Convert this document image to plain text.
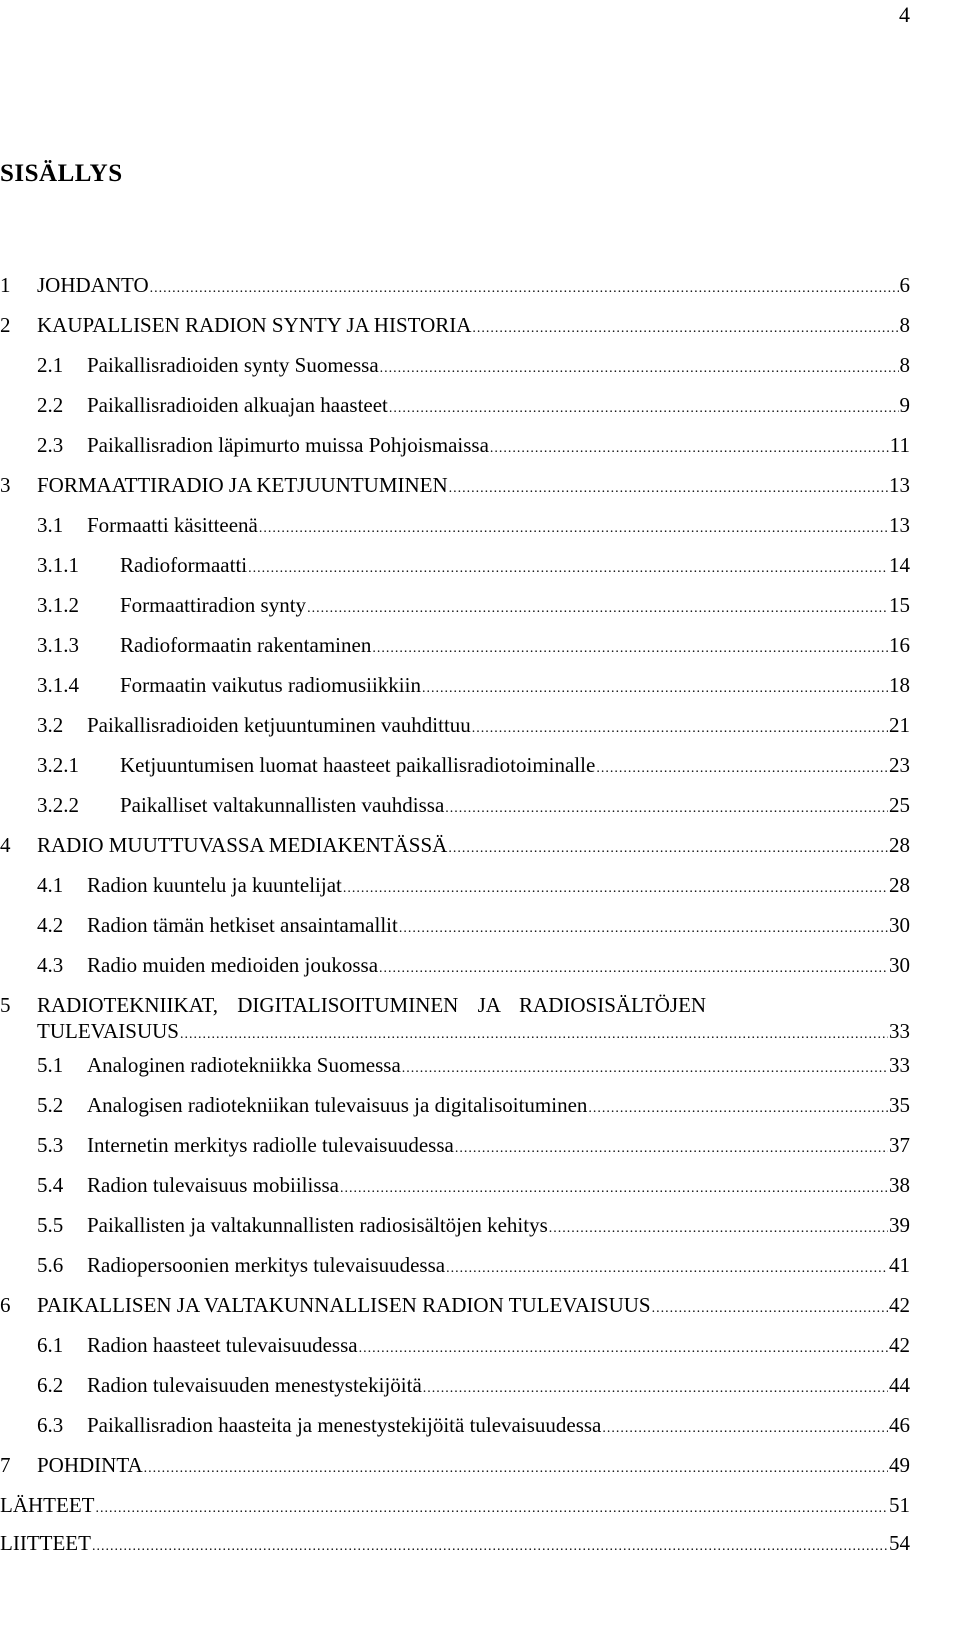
4
SISÄLLYS
1	JOHDANTO .....	6
2	KAUPALLISEN RADION SYNTY JA HISTORIA .....	8
2.1	Paikallisradioiden synty Suomessa .....	8
2.2	Paikallisradioiden alkuajan haasteet .....	9
2.3	Paikallisradion läpimurto muissa Pohjoismaissa .....	11
3	FORMAATTIRADIO JA KETJUUNTUMINEN .....	13
3.1	Formaatti käsitteenä .....	13
3.1.1	Radioformaatti .....	14
3.1.2	Formaattiradion synty .....	15
3.1.3	Radioformaatin rakentaminen .....	16
3.1.4	Formaatin vaikutus radiomusiikkiin .....	18
3.2	Paikallisradioiden ketjuuntuminen vauhdittuu .....	21
3.2.1	Ketjuuntumisen luomat haasteet paikallisradiotoiminalle .....	23
3.2.2	Paikalliset valtakunnallisten vauhdissa .....	25
4	RADIO MUUTTUVASSA MEDIAKENTÄSSÄ .....	28
4.1	Radion kuuntelu ja kuuntelijat .....	28
4.2	Radion tämän hetkiset ansaintamallit .....	30
4.3	Radio muiden medioiden joukossa .....	30
5	RADIOTEKNIIKAT, DIGITALISOITUMINEN JA RADIOSISÄLTÖJEN
TULEVAISUUS .....	33
5.1	Analoginen radiotekniikka Suomessa .....	33
5.2	Analogisen radiotekniikan tulevaisuus ja digitalisoituminen .....	35
5.3	Internetin merkitys radiolle tulevaisuudessa .....	37
5.4	Radion tulevaisuus mobiilissa .....	38
5.5	Paikallisten ja valtakunnallisten radiosisältöjen kehitys .....	39
5.6	Radiopersoonien merkitys tulevaisuudessa .....	41
6	PAIKALLISEN JA VALTAKUNNALLISEN RADION TULEVAISUUS .....	42
6.1	Radion haasteet tulevaisuudessa .....	42
6.2	Radion tulevaisuuden menestystekijöitä .....	44
6.3	Paikallisradion haasteita ja menestystekijöitä tulevaisuudessa .....	46
7	POHDINTA .....	49
LÄHTEET .....	51
LIITTEET .....	54
